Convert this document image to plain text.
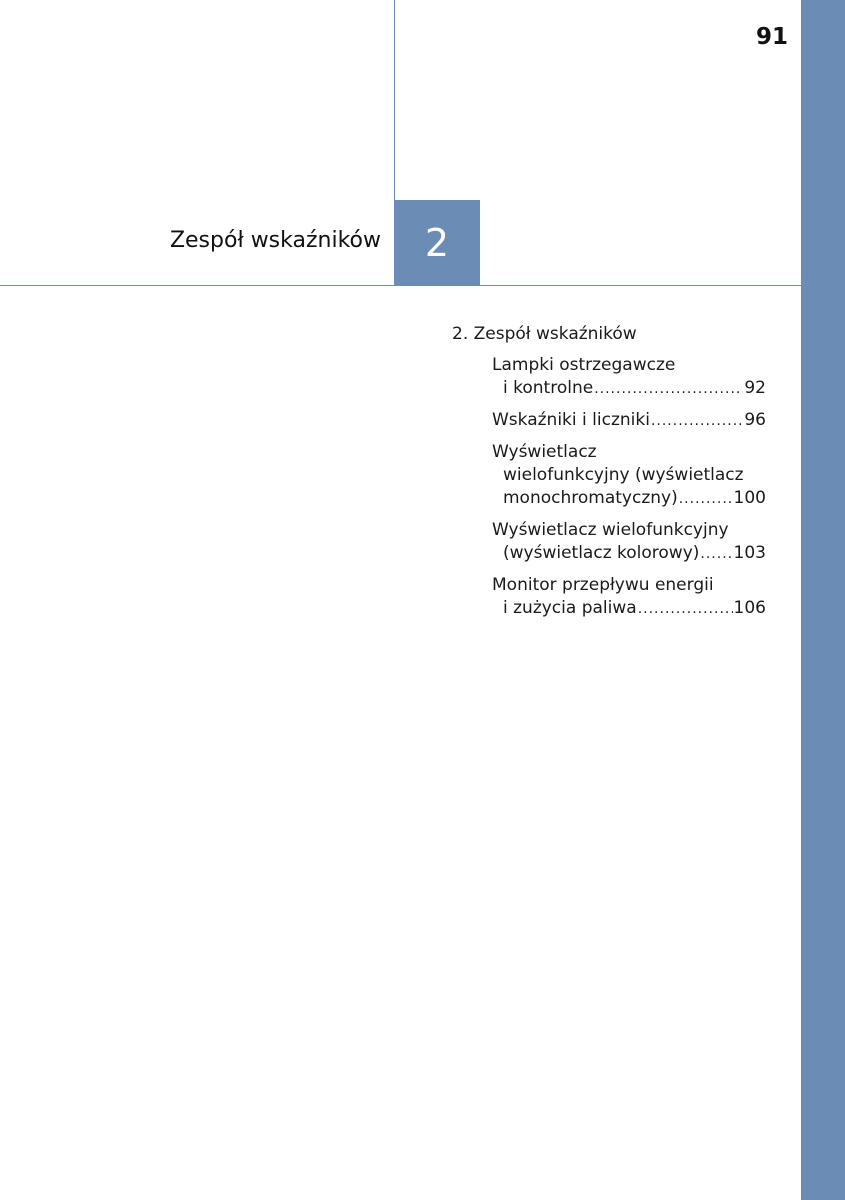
91
Zespół wskaźników 2
2. Zespół wskaźników
Lampki ostrzegawcze
i kontrolne .....	92
Wskaźniki i liczniki .....	96
Wyświetlacz
wielofunkcyjny (wyświetlacz
monochromatyczny) .....	100
Wyświetlacz wielofunkcyjny
(wyświetlacz kolorowy) ..... 103
Monitor przepływu energii
i zużycia paliwa .....	106
